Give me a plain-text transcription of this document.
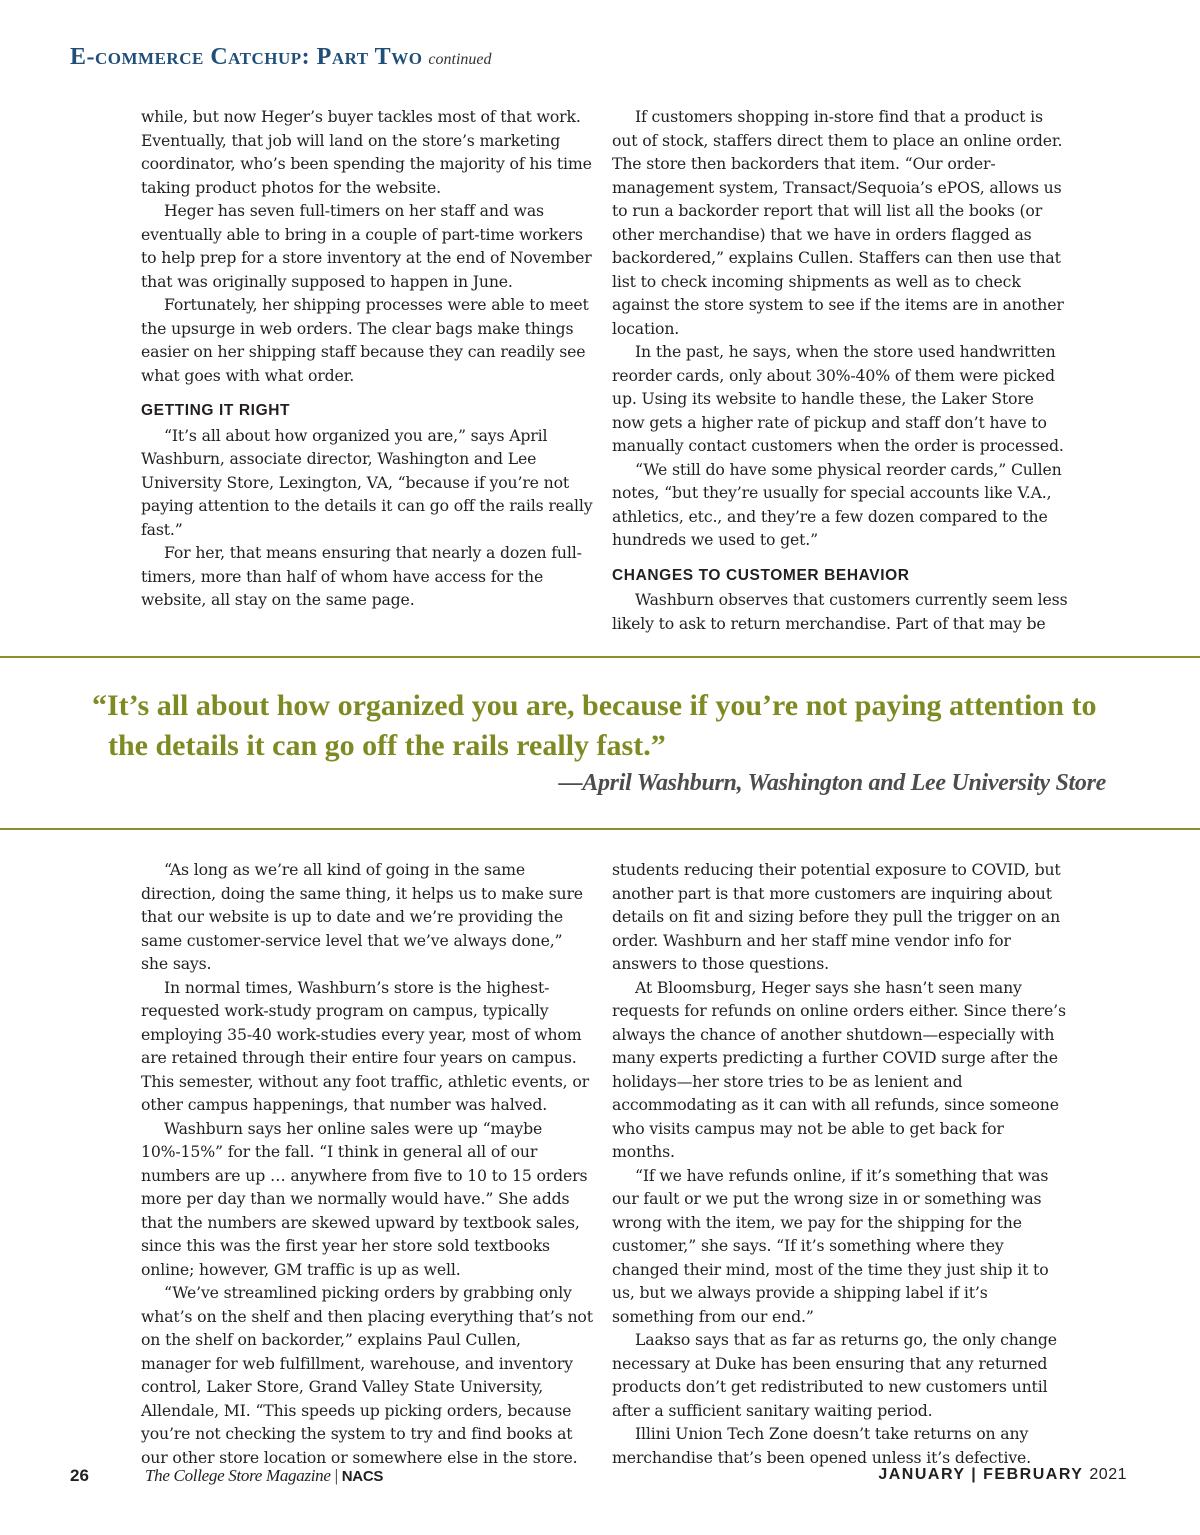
E-commerce Catchup: Part Two continued

while, but now Heger’s buyer tackles most of that work. Eventually, that job will land on the store’s marketing coordinator, who’s been spending the majority of his time taking product photos for the website.

Heger has seven full-timers on her staff and was eventually able to bring in a couple of part-time workers to help prep for a store inventory at the end of November that was originally supposed to happen in June.

Fortunately, her shipping processes were able to meet the upsurge in web orders. The clear bags make things easier on her shipping staff because they can readily see what goes with what order.

GETTING IT RIGHT

“It’s all about how organized you are,” says April Washburn, associate director, Washington and Lee University Store, Lexington, VA, “because if you’re not paying attention to the details it can go off the rails really fast.”

For her, that means ensuring that nearly a dozen full-timers, more than half of whom have access for the website, all stay on the same page.

If customers shopping in-store find that a product is out of stock, staffers direct them to place an online order. The store then backorders that item. “Our order-management system, Transact/Sequoia’s ePOS, allows us to run a backorder report that will list all the books (or other merchandise) that we have in orders flagged as backordered,” explains Cullen. Staffers can then use that list to check incoming shipments as well as to check against the store system to see if the items are in another location.

In the past, he says, when the store used handwritten reorder cards, only about 30%-40% of them were picked up. Using its website to handle these, the Laker Store now gets a higher rate of pickup and staff don’t have to manually contact customers when the order is processed.

“We still do have some physical reorder cards,” Cullen notes, “but they’re usually for special accounts like V.A., athletics, etc., and they’re a few dozen compared to the hundreds we used to get.”

CHANGES TO CUSTOMER BEHAVIOR

Washburn observes that customers currently seem less likely to ask to return merchandise. Part of that may be

“It’s all about how organized you are, because if you’re not paying attention to
the details it can go off the rails really fast.”
—April Washburn, Washington and Lee University Store

“As long as we’re all kind of going in the same direction, doing the same thing, it helps us to make sure that our website is up to date and we’re providing the same customer-service level that we’ve always done,” she says.

In normal times, Washburn’s store is the highest-requested work-study program on campus, typically employing 35-40 work-studies every year, most of whom are retained through their entire four years on campus. This semester, without any foot traffic, athletic events, or other campus happenings, that number was halved.

Washburn says her online sales were up “maybe 10%-15%” for the fall. “I think in general all of our numbers are up … anywhere from five to 10 to 15 orders more per day than we normally would have.” She adds that the numbers are skewed upward by textbook sales, since this was the first year her store sold textbooks online; however, GM traffic is up as well.

“We’ve streamlined picking orders by grabbing only what’s on the shelf and then placing everything that’s not on the shelf on backorder,” explains Paul Cullen, manager for web fulfillment, warehouse, and inventory control, Laker Store, Grand Valley State University, Allendale, MI. “This speeds up picking orders, because you’re not checking the system to try and find books at our other store location or somewhere else in the store.

students reducing their potential exposure to COVID, but another part is that more customers are inquiring about details on fit and sizing before they pull the trigger on an order. Washburn and her staff mine vendor info for answers to those questions.

At Bloomsburg, Heger says she hasn’t seen many requests for refunds on online orders either. Since there’s always the chance of another shutdown—especially with many experts predicting a further COVID surge after the holidays—her store tries to be as lenient and accommodating as it can with all refunds, since someone who visits campus may not be able to get back for months.

“If we have refunds online, if it’s something that was our fault or we put the wrong size in or something was wrong with the item, we pay for the shipping for the customer,” she says. “If it’s something where they changed their mind, most of the time they just ship it to us, but we always provide a shipping label if it’s something from our end.”

Laakso says that as far as returns go, the only change necessary at Duke has been ensuring that any returned products don’t get redistributed to new customers until after a sufficient sanitary waiting period.

Illini Union Tech Zone doesn’t take returns on any merchandise that’s been opened unless it’s defective.

26	The College Store Magazine | NACS	JANUARY | FEBRUARY 2021
